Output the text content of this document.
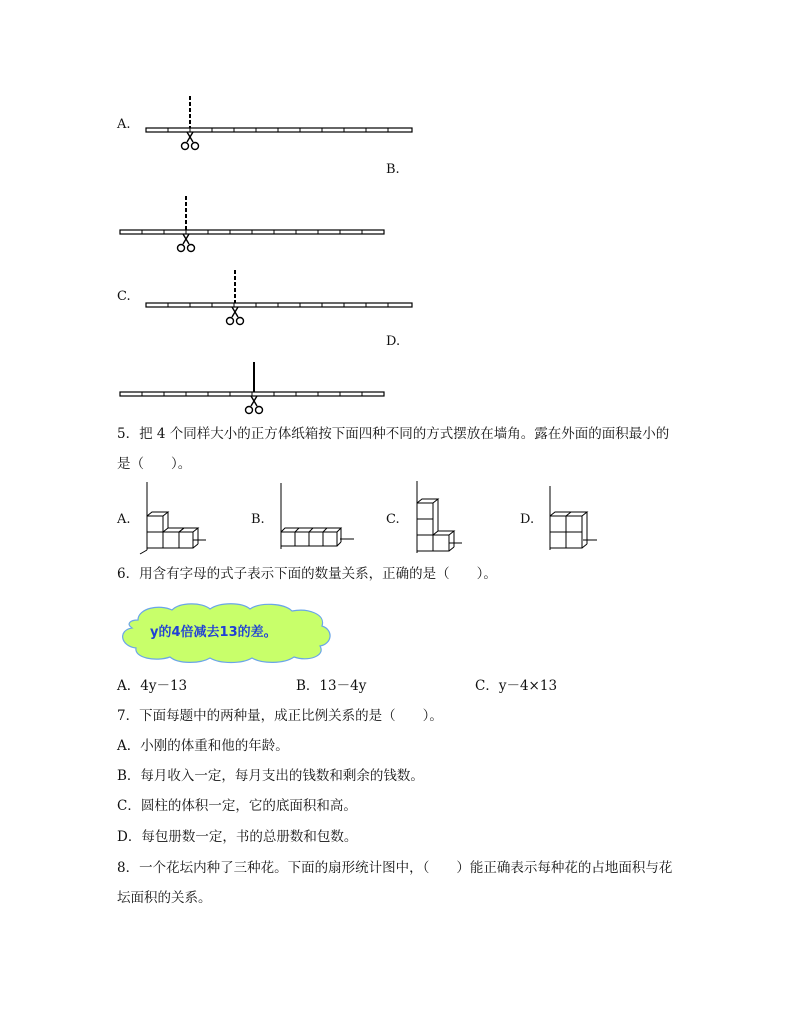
A.
B.
C.
D.
5．把 4 个同样大小的正方体纸箱按下面四种不同的方式摆放在墙角。露在外面的面积最小的
是（　　）。
A.	B.	C.	D.
6．用含有字母的式子表示下面的数量关系，正确的是（　　）。
y的4倍减去13的差。
A．4y－13	B．13－4y	C．y－4×13
7．下面每题中的两种量，成正比例关系的是（　　）。
A．小刚的体重和他的年龄。
B．每月收入一定，每月支出的钱数和剩余的钱数。
C．圆柱的体积一定，它的底面积和高。
D．每包册数一定，书的总册数和包数。
8．一个花坛内种了三种花。下面的扇形统计图中，（　　）能正确表示每种花的占地面积与花
坛面积的关系。
